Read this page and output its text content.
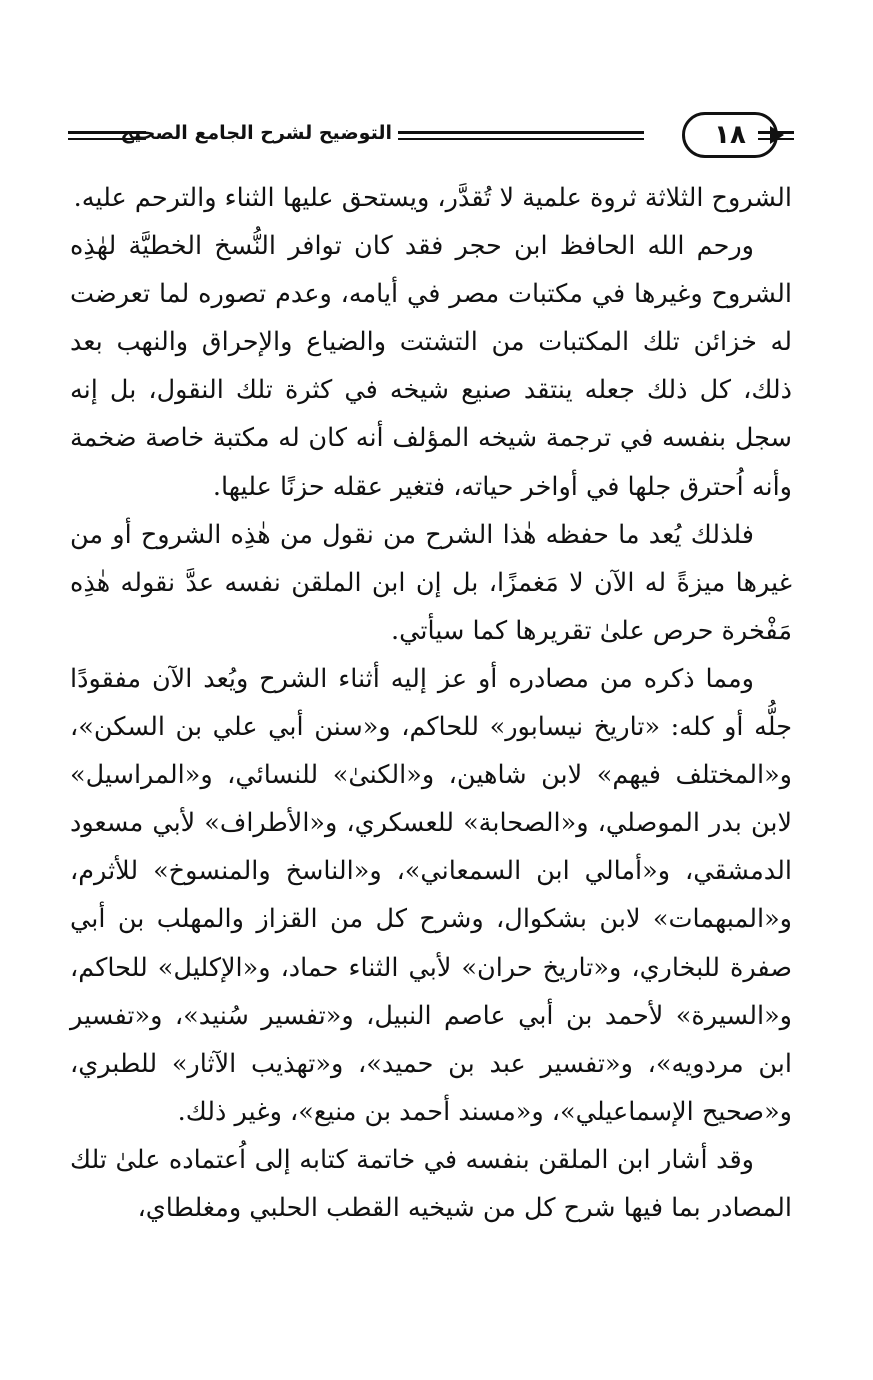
التوضيح لشرح الجامع الصحيح	١٨

الشروح الثلاثة ثروة علمية لا تُقدَّر، ويستحق عليها الثناء والترحم عليه.

ورحم الله الحافظ ابن حجر فقد كان توافر النُّسخ الخطيَّة لهٰذِه الشروح وغيرها في مكتبات مصر في أيامه، وعدم تصوره لما تعرضت له خزائن تلك المكتبات من التشتت والضياع والإحراق والنهب بعد ذلك، كل ذلك جعله ينتقد صنيع شيخه في كثرة تلك النقول، بل إنه سجل بنفسه في ترجمة شيخه المؤلف أنه كان له مكتبة خاصة ضخمة وأنه اُحترق جلها في أواخر حياته، فتغير عقله حزنًا عليها.

فلذلك يُعد ما حفظه هٰذا الشرح من نقول من هٰذِه الشروح أو من غيرها ميزةً له الآن لا مَغمزًا، بل إن ابن الملقن نفسه عدَّ نقوله هٰذِه مَفْخرة حرص علىٰ تقريرها كما سيأتي.

ومما ذكره من مصادره أو عز إليه أثناء الشرح ويُعد الآن مفقودًا جلُّه أو كله: «تاريخ نيسابور» للحاكم، و«سنن أبي علي بن السكن»، و«المختلف فيهم» لابن شاهين، و«الكنىٰ» للنسائي، و«المراسيل» لابن بدر الموصلي، و«الصحابة» للعسكري، و«الأطراف» لأبي مسعود الدمشقي، و«أمالي ابن السمعاني»، و«الناسخ والمنسوخ» للأثرم، و«المبهمات» لابن بشكوال، وشرح كل من القزاز والمهلب بن أبي صفرة للبخاري، و«تاريخ حران» لأبي الثناء حماد، و«الإكليل» للحاكم، و«السيرة» لأحمد بن أبي عاصم النبيل، و«تفسير سُنيد»، و«تفسير ابن مردويه»، و«تفسير عبد بن حميد»، و«تهذيب الآثار» للطبري، و«صحيح الإسماعيلي»، و«مسند أحمد بن منيع»، وغير ذلك.

وقد أشار ابن الملقن بنفسه في خاتمة كتابه إلى اُعتماده علىٰ تلك المصادر بما فيها شرح كل من شيخيه القطب الحلبي ومغلطاي،
